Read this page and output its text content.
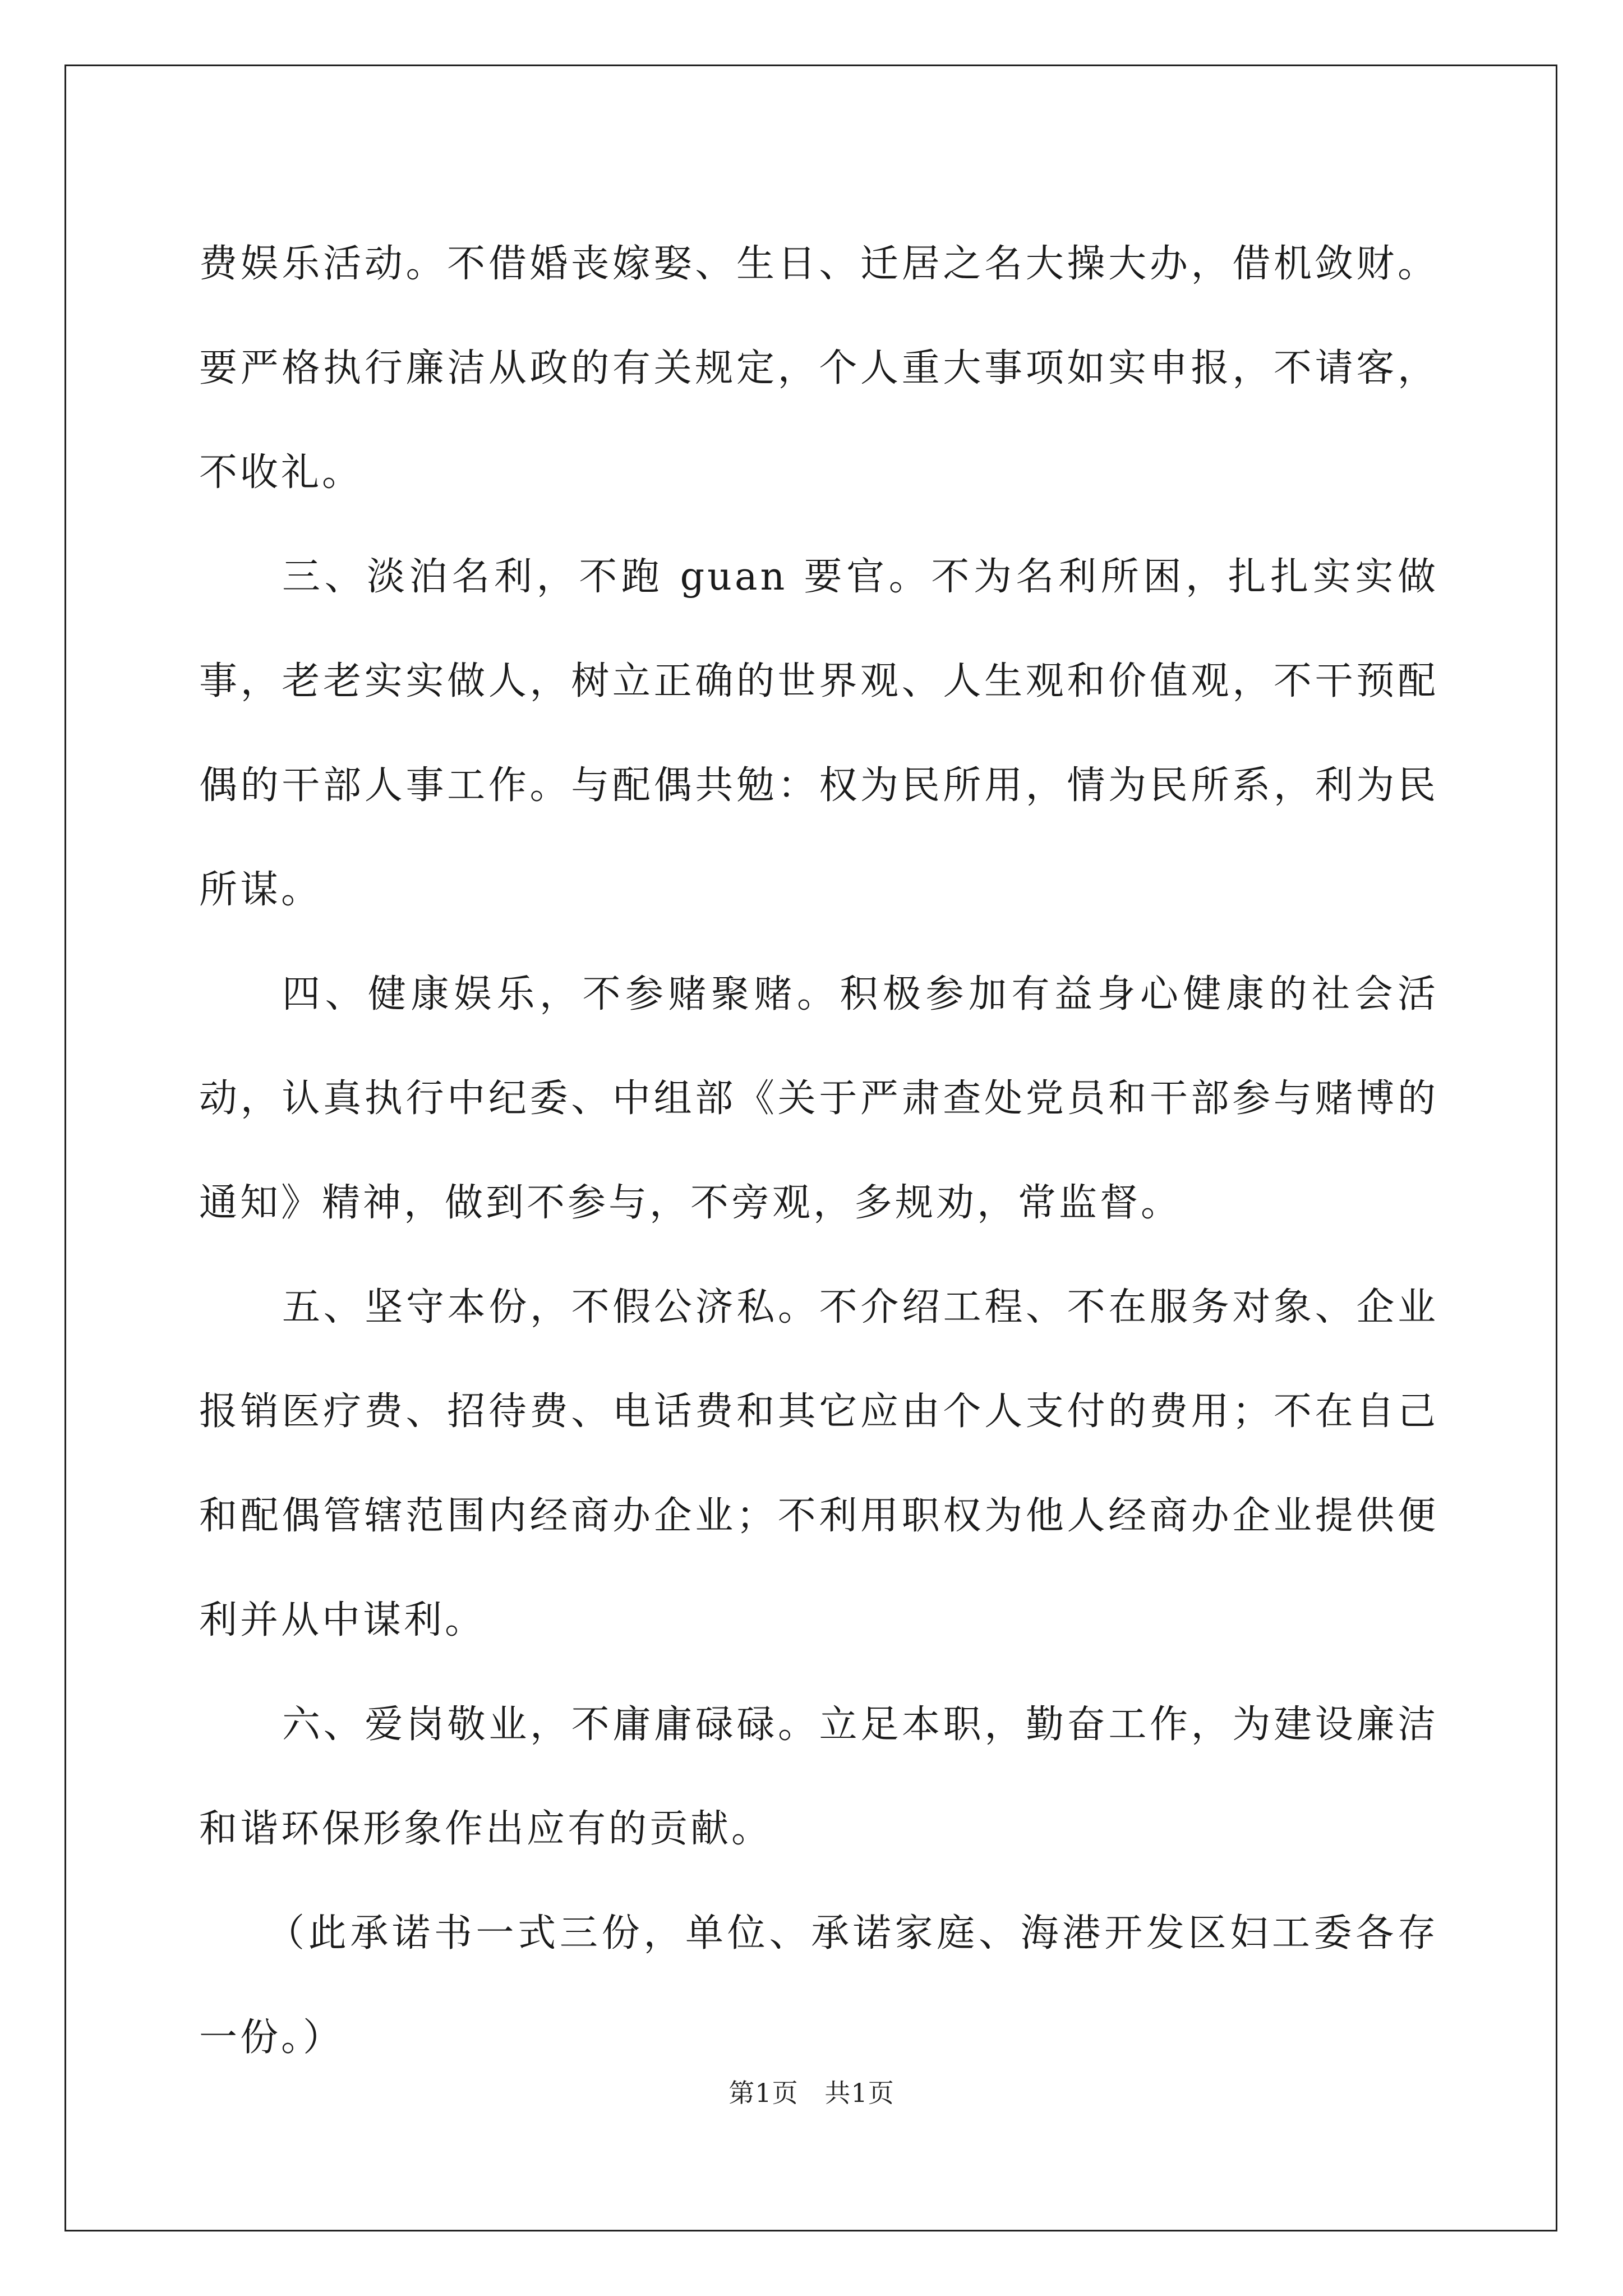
费娱乐活动。不借婚丧嫁娶、生日、迁居之名大操大办，借机敛财。要严格执行廉洁从政的有关规定，个人重大事项如实申报，不请客，不收礼。

三、淡泊名利，不跑 guan 要官。不为名利所困，扎扎实实做事，老老实实做人，树立正确的世界观、人生观和价值观，不干预配偶的干部人事工作。与配偶共勉：权为民所用，情为民所系，利为民所谋。

四、健康娱乐，不参赌聚赌。积极参加有益身心健康的社会活动，认真执行中纪委、中组部《关于严肃查处党员和干部参与赌博的通知》精神，做到不参与，不旁观，多规劝，常监督。

五、坚守本份，不假公济私。不介绍工程、不在服务对象、企业报销医疗费、招待费、电话费和其它应由个人支付的费用；不在自己和配偶管辖范围内经商办企业；不利用职权为他人经商办企业提供便利并从中谋利。

六、爱岗敬业，不庸庸碌碌。立足本职，勤奋工作，为建设廉洁和谐环保形象作出应有的贡献。

（此承诺书一式三份，单位、承诺家庭、海港开发区妇工委各存一份。）

第1页   共1页
